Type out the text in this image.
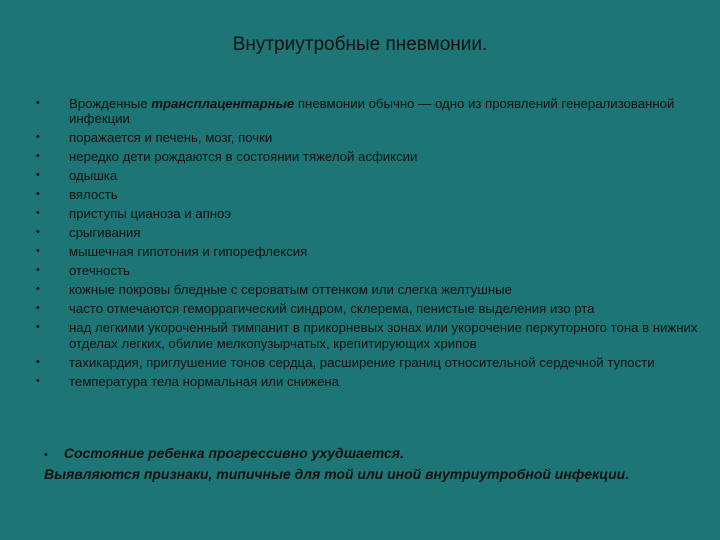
Внутриутробные пневмонии.
• Врожденные трансплацентарные пневмонии обычно — одно из проявлений генерализованной инфекции
• поражается и печень, мозг, почки
• нередко дети рождаются в состоянии тяжелой асфиксии
• одышка
• вялость
• приступы цианоза и апноэ
• срыгивания
• мышечная гипотония и гипорефлексия
• отечность
• кожные покровы бледные с сероватым оттенком или слегка желтушные
• часто отмечаются геморрагический синдром, склерема, пенистые выделения изо рта
• над легкими укороченный тимпанит в прикорневых зонах или укорочение перкуторного тона в нижних отделах легких, обилие мелкопузырчатых, крепитирующих хрипов
• тахикардия, приглушение тонов сердца, расширение границ относительной сердечной тупости
• температура тела нормальная или снижена
• Состояние ребенка прогрессивно ухудшается.
Выявляются признаки, типичные для той или иной внутриутробной инфекции.
